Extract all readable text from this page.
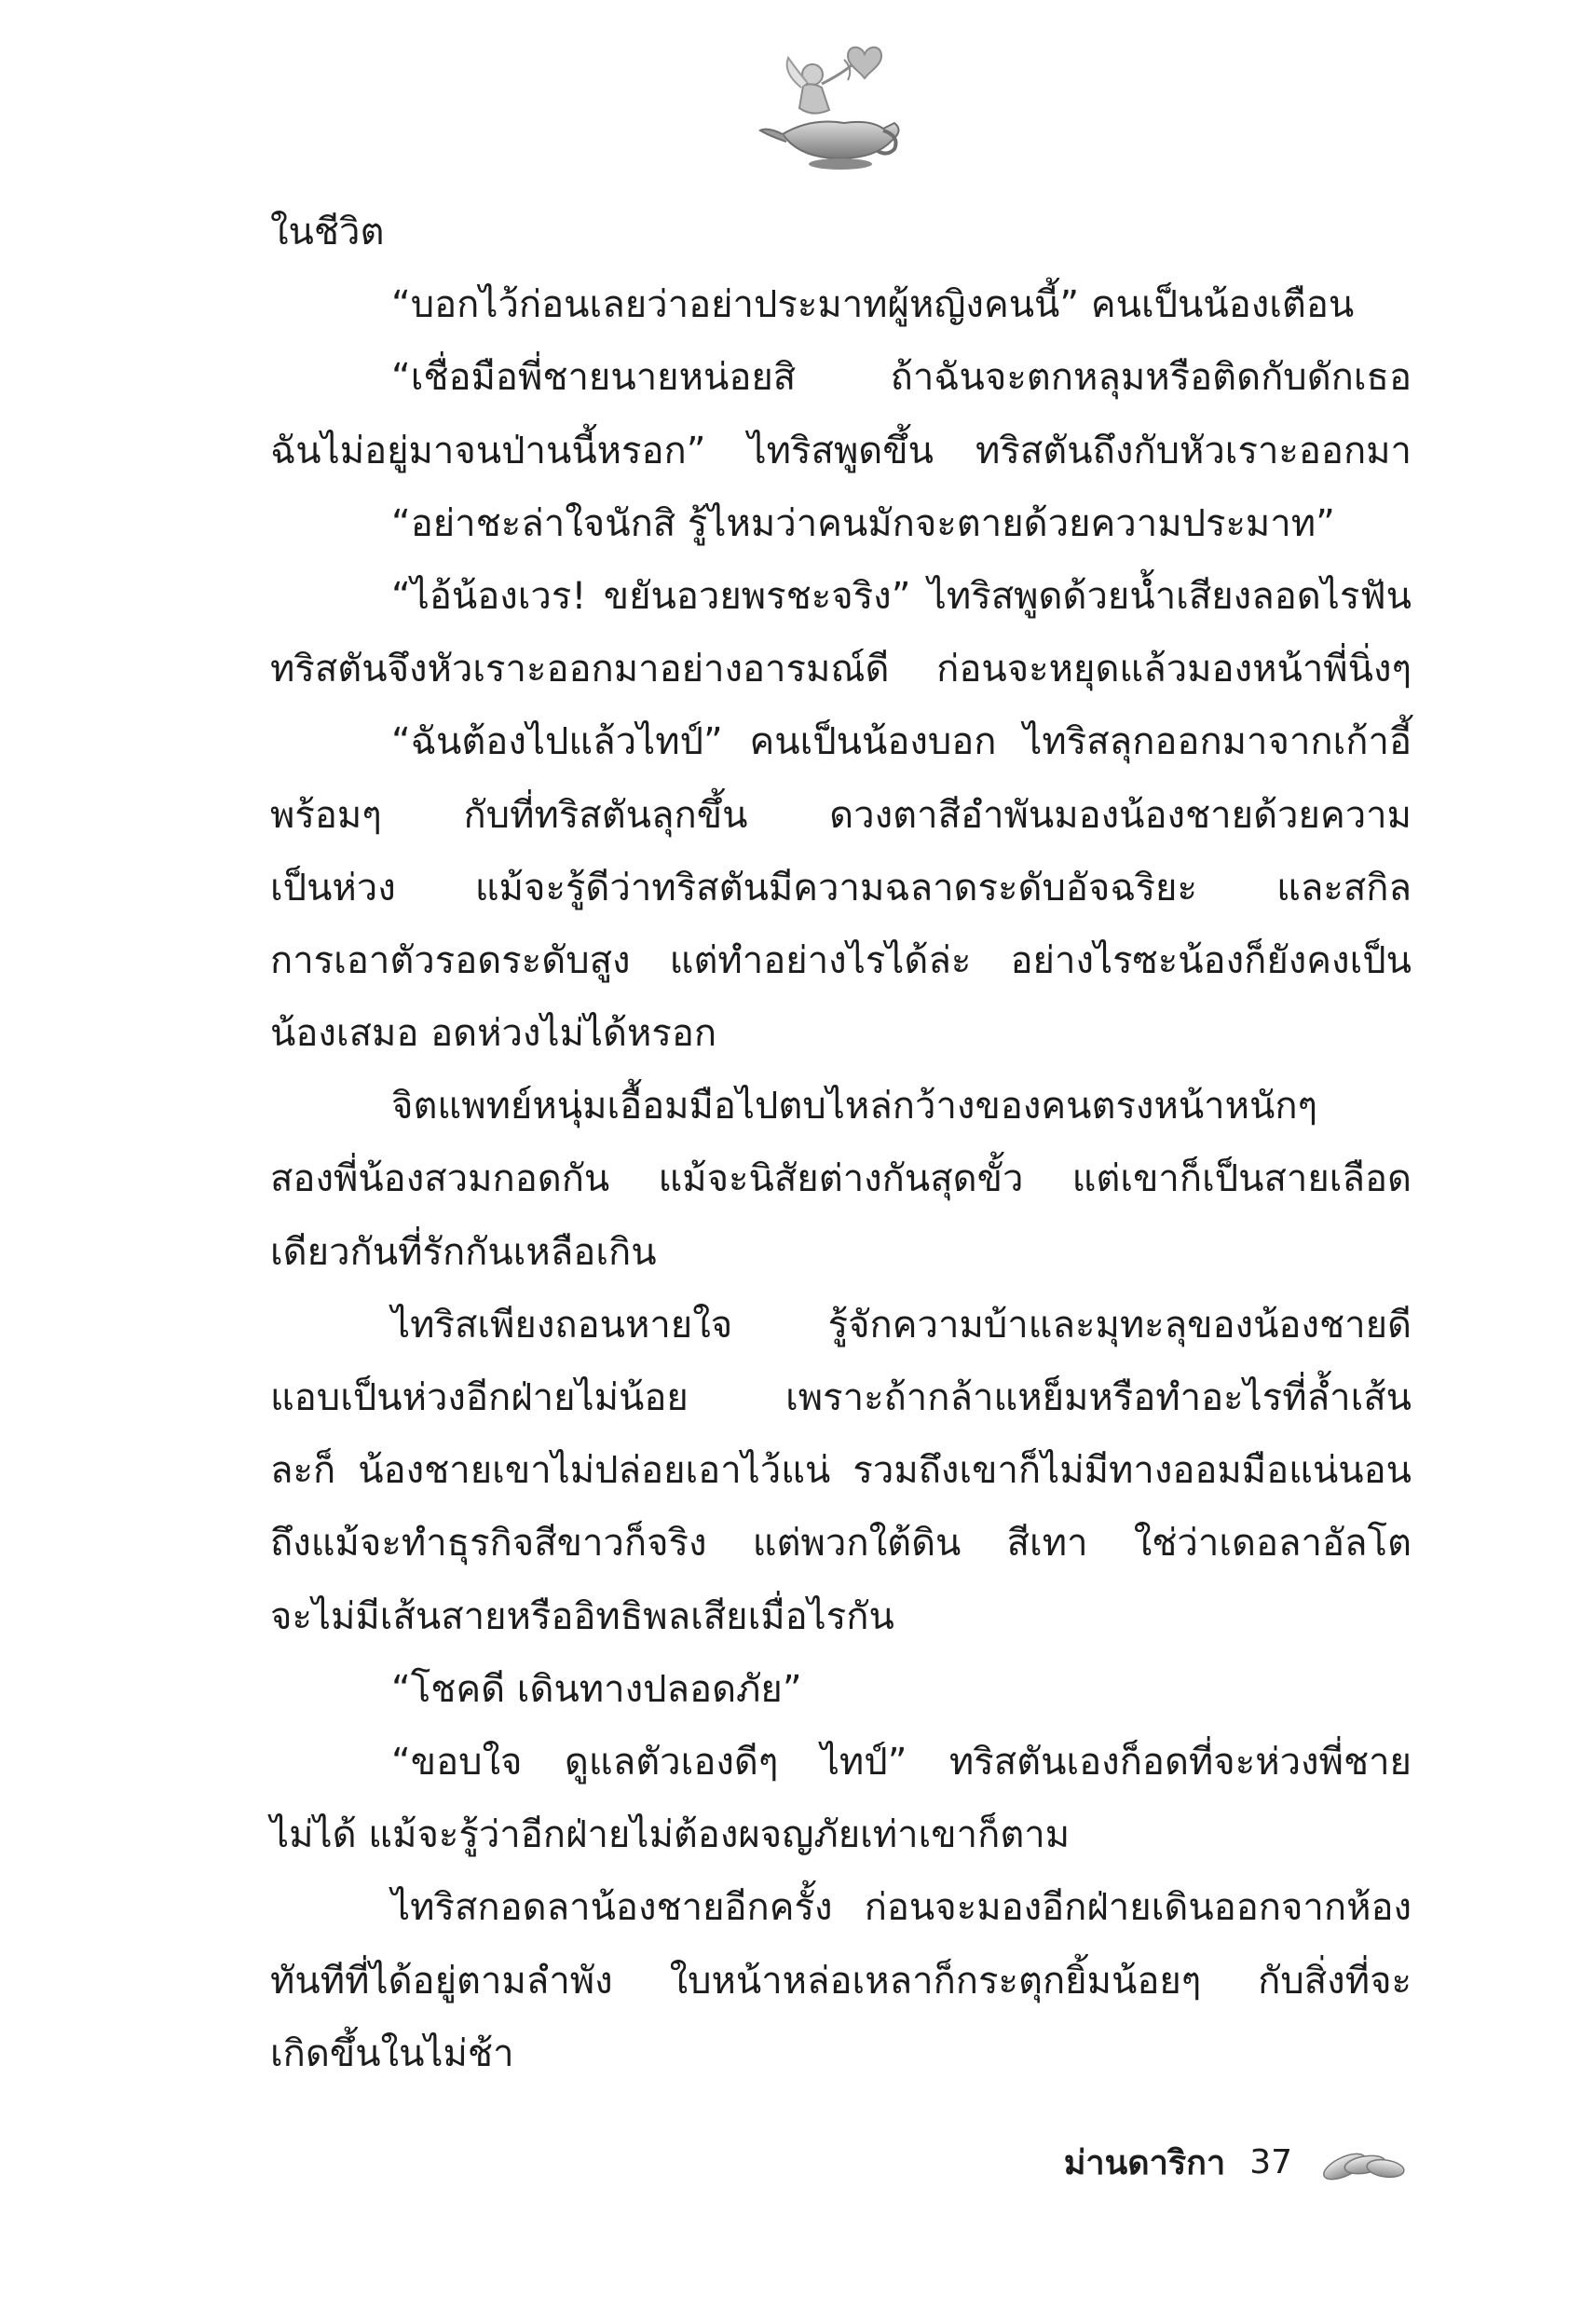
ในชีวิต
“บอกไว้ก่อนเลยว่าอย่าประมาทผู้หญิงคนนี้” คนเป็นน้องเตือน
“เชื่อมือพี่ชายนายหน่อยสิ ถ้าฉันจะตกหลุมหรือติดกับดักเธอ
ฉันไม่อยู่มาจนป่านนี้หรอก” ไทริสพูดขึ้น ทริสตันถึงกับหัวเราะออกมา
“อย่าชะล่าใจนักสิ รู้ไหมว่าคนมักจะตายด้วยความประมาท”
“ไอ้น้องเวร! ขยันอวยพรชะจริง” ไทริสพูดด้วยน้ำเสียงลอดไรฟัน
ทริสตันจึงหัวเราะออกมาอย่างอารมณ์ดี ก่อนจะหยุดแล้วมองหน้าพี่นิ่งๆ
“ฉันต้องไปแล้วไทป์” คนเป็นน้องบอก ไทริสลุกออกมาจากเก้าอี้
พร้อมๆ กับที่ทริสตันลุกขึ้น ดวงตาสีอำพันมองน้องชายด้วยความ
เป็นห่วง แม้จะรู้ดีว่าทริสตันมีความฉลาดระดับอัจฉริยะ และสกิล
การเอาตัวรอดระดับสูง แต่ทำอย่างไรได้ล่ะ อย่างไรซะน้องก็ยังคงเป็น
น้องเสมอ อดห่วงไม่ได้หรอก
จิตแพทย์หนุ่มเอื้อมมือไปตบไหล่กว้างของคนตรงหน้าหนักๆ
สองพี่น้องสวมกอดกัน แม้จะนิสัยต่างกันสุดขั้ว แต่เขาก็เป็นสายเลือด
เดียวกันที่รักกันเหลือเกิน
ไทริสเพียงถอนหายใจ รู้จักความบ้าและมุทะลุของน้องชายดี
แอบเป็นห่วงอีกฝ่ายไม่น้อย เพราะถ้ากล้าแหย็มหรือทำอะไรที่ล้ำเส้น
ละก็ น้องชายเขาไม่ปล่อยเอาไว้แน่ รวมถึงเขาก็ไม่มีทางออมมือแน่นอน
ถึงแม้จะทำธุรกิจสีขาวก็จริง แต่พวกใต้ดิน สีเทา ใช่ว่าเดอลาอัลโต
จะไม่มีเส้นสายหรืออิทธิพลเสียเมื่อไรกัน
“โชคดี เดินทางปลอดภัย”
“ขอบใจ ดูแลตัวเองดีๆ ไทป์” ทริสตันเองก็อดที่จะห่วงพี่ชาย
ไม่ได้ แม้จะรู้ว่าอีกฝ่ายไม่ต้องผจญภัยเท่าเขาก็ตาม
ไทริสกอดลาน้องชายอีกครั้ง ก่อนจะมองอีกฝ่ายเดินออกจากห้อง
ทันทีที่ได้อยู่ตามลำพัง ใบหน้าหล่อเหลาก็กระตุกยิ้มน้อยๆ กับสิ่งที่จะ
เกิดขึ้นในไม่ช้า
ม่านดาริกา 37
